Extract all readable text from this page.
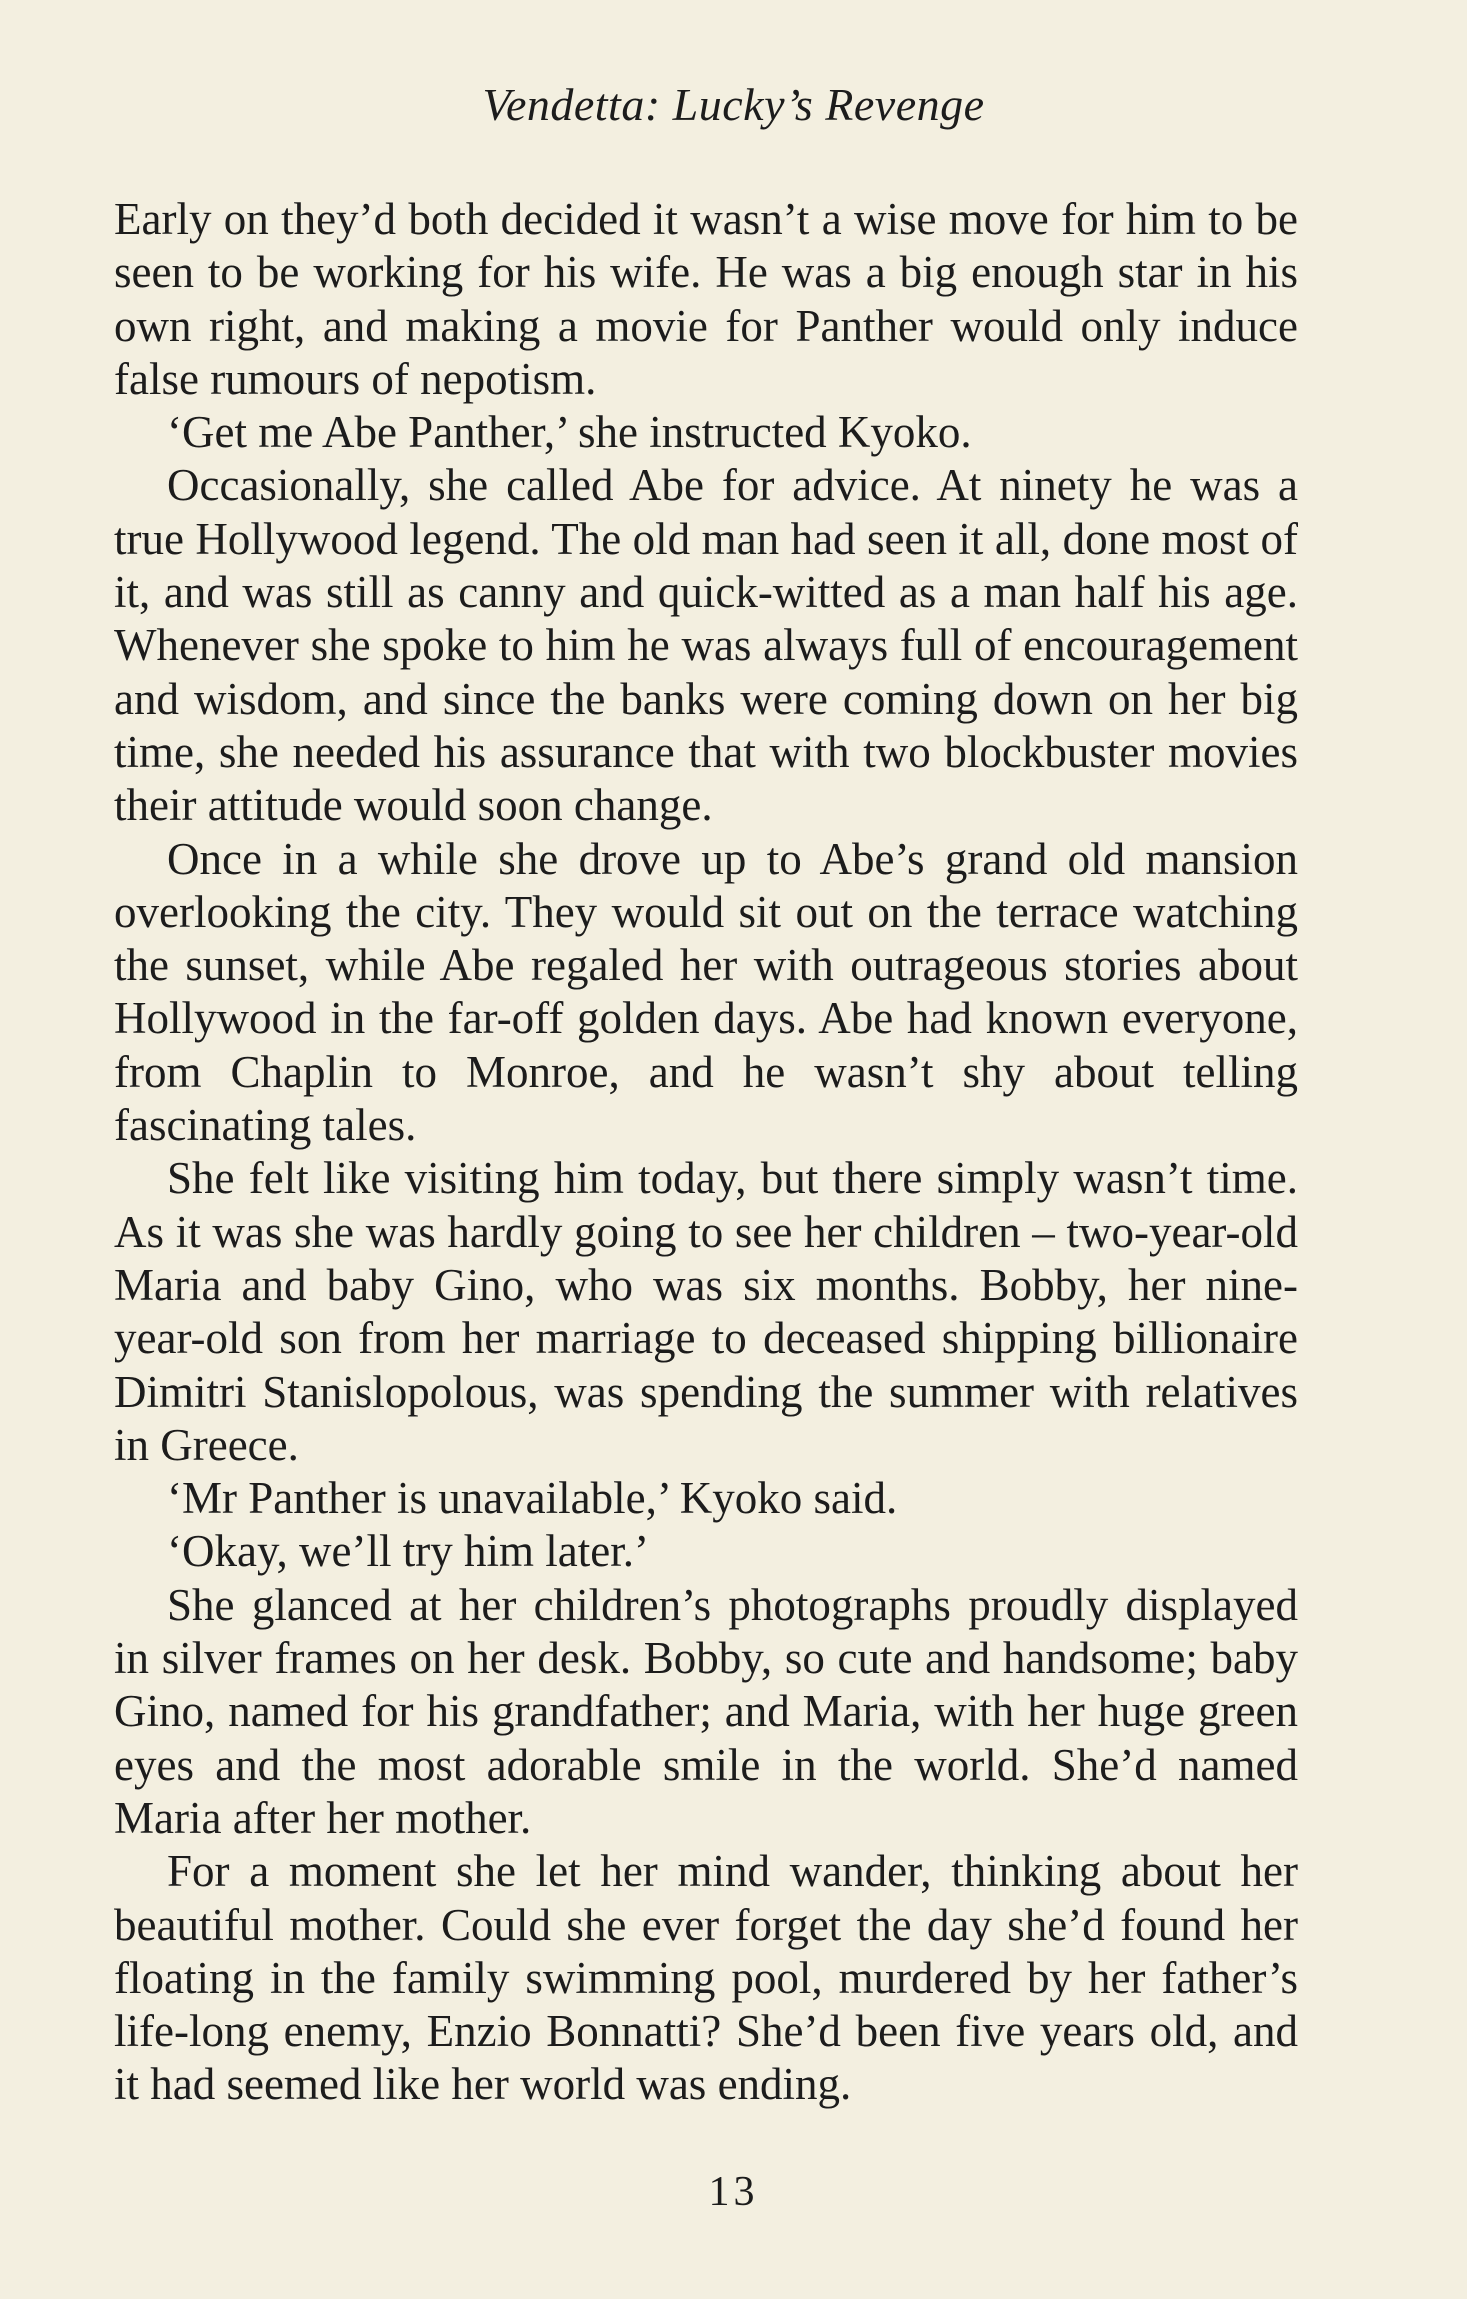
Vendetta: Lucky’s Revenge

Early on they’d both decided it wasn’t a wise move for him to be seen to be working for his wife. He was a big enough star in his own right, and making a movie for Panther would only induce false rumours of nepotism.

‘Get me Abe Panther,’ she instructed Kyoko.

Occasionally, she called Abe for advice. At ninety he was a true Hollywood legend. The old man had seen it all, done most of it, and was still as canny and quick-witted as a man half his age. Whenever she spoke to him he was always full of encouragement and wisdom, and since the banks were coming down on her big time, she needed his assurance that with two blockbuster movies their attitude would soon change.

Once in a while she drove up to Abe’s grand old mansion overlooking the city. They would sit out on the terrace watching the sunset, while Abe regaled her with outrageous stories about Hollywood in the far-off golden days. Abe had known everyone, from Chaplin to Monroe, and he wasn’t shy about telling fascinating tales.

She felt like visiting him today, but there simply wasn’t time. As it was she was hardly going to see her children – two-year-old Maria and baby Gino, who was six months. Bobby, her nine-year-old son from her marriage to deceased shipping billionaire Dimitri Stanislopolous, was spending the summer with relatives in Greece.

‘Mr Panther is unavailable,’ Kyoko said.

‘Okay, we’ll try him later.’

She glanced at her children’s photographs proudly displayed in silver frames on her desk. Bobby, so cute and handsome; baby Gino, named for his grandfather; and Maria, with her huge green eyes and the most adorable smile in the world. She’d named Maria after her mother.

For a moment she let her mind wander, thinking about her beautiful mother. Could she ever forget the day she’d found her floating in the family swimming pool, murdered by her father’s life-long enemy, Enzio Bonnatti? She’d been five years old, and it had seemed like her world was ending.

13
